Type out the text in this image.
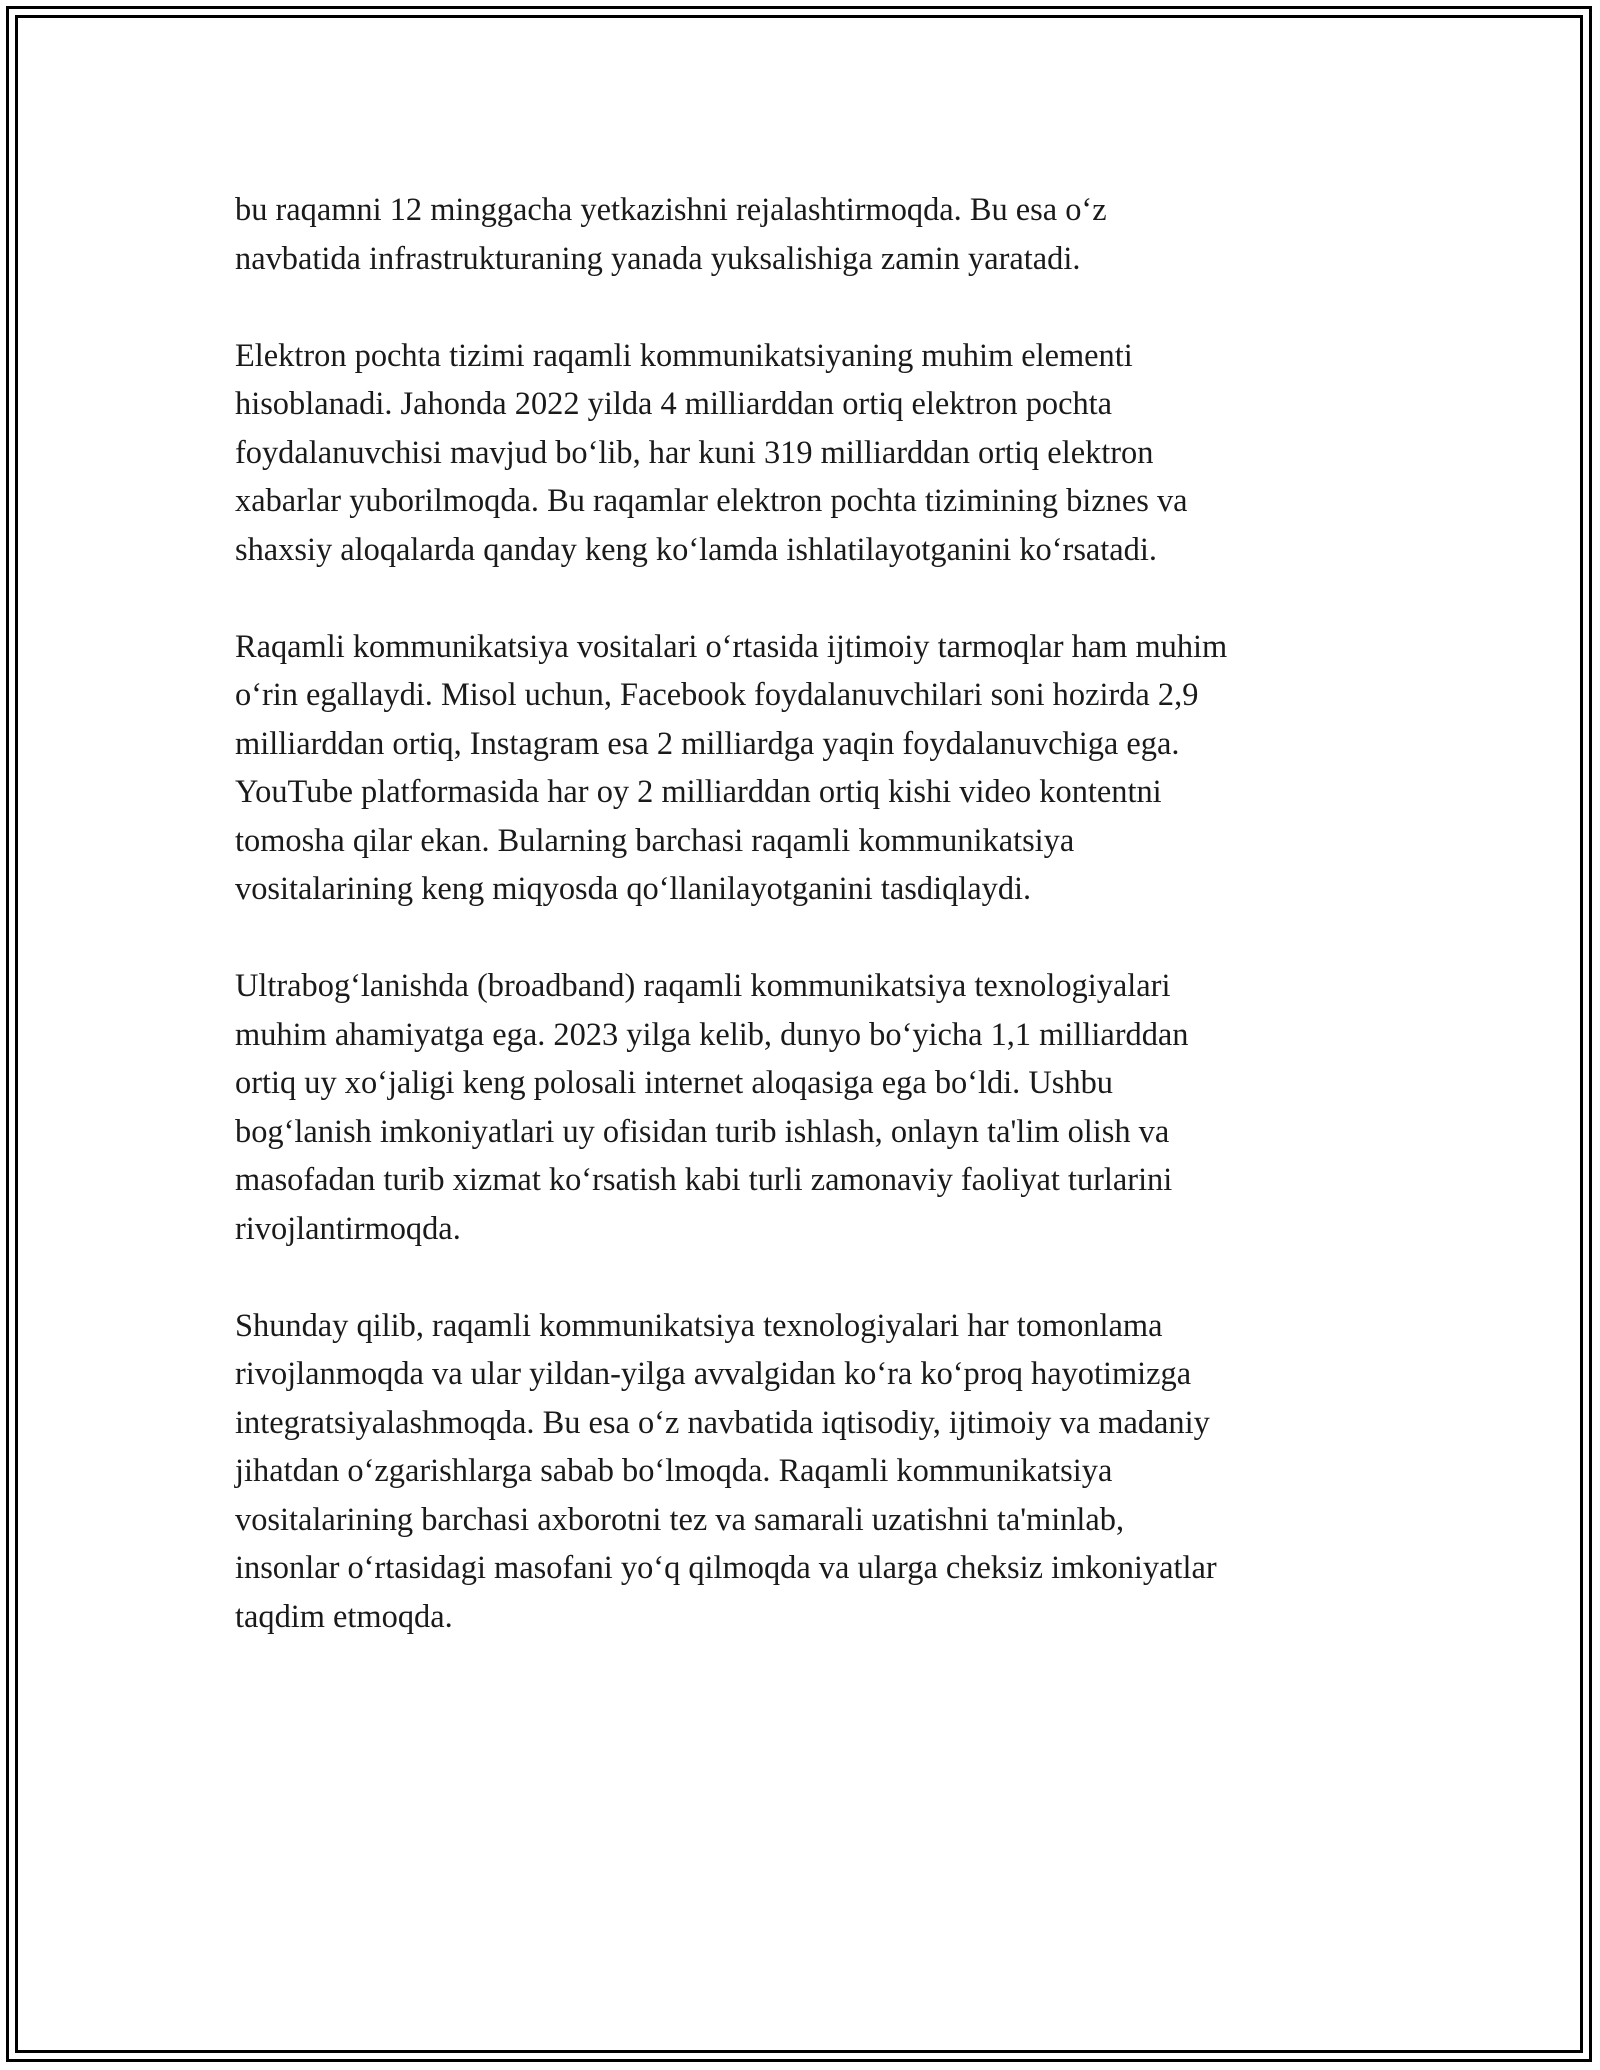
bu raqamni 12 minggacha yetkazishni rejalashtirmoqda. Bu esa o‘z
navbatida infrastrukturaning yanada yuksalishiga zamin yaratadi.

Elektron pochta tizimi raqamli kommunikatsiyaning muhim elementi
hisoblanadi. Jahonda 2022 yilda 4 milliarddan ortiq elektron pochta
foydalanuvchisi mavjud bo‘lib, har kuni 319 milliarddan ortiq elektron
xabarlar yuborilmoqda. Bu raqamlar elektron pochta tizimining biznes va
shaxsiy aloqalarda qanday keng ko‘lamda ishlatilayotganini ko‘rsatadi.

Raqamli kommunikatsiya vositalari o‘rtasida ijtimoiy tarmoqlar ham muhim
o‘rin egallaydi. Misol uchun, Facebook foydalanuvchilari soni hozirda 2,9
milliarddan ortiq, Instagram esa 2 milliardga yaqin foydalanuvchiga ega.
YouTube platformasida har oy 2 milliarddan ortiq kishi video kontentni
tomosha qilar ekan. Bularning barchasi raqamli kommunikatsiya
vositalarining keng miqyosda qo‘llanilayotganini tasdiqlaydi.

Ultrabog‘lanishda (broadband) raqamli kommunikatsiya texnologiyalari
muhim ahamiyatga ega. 2023 yilga kelib, dunyo bo‘yicha 1,1 milliarddan
ortiq uy xo‘jaligi keng polosali internet aloqasiga ega bo‘ldi. Ushbu
bog‘lanish imkoniyatlari uy ofisidan turib ishlash, onlayn ta'lim olish va
masofadan turib xizmat ko‘rsatish kabi turli zamonaviy faoliyat turlarini
rivojlantirmoqda.

Shunday qilib, raqamli kommunikatsiya texnologiyalari har tomonlama
rivojlanmoqda va ular yildan-yilga avvalgidan ko‘ra ko‘proq hayotimizga
integratsiyalashmoqda. Bu esa o‘z navbatida iqtisodiy, ijtimoiy va madaniy
jihatdan o‘zgarishlarga sabab bo‘lmoqda. Raqamli kommunikatsiya
vositalarining barchasi axborotni tez va samarali uzatishni ta'minlab,
insonlar o‘rtasidagi masofani yo‘q qilmoqda va ularga cheksiz imkoniyatlar
taqdim etmoqda.
